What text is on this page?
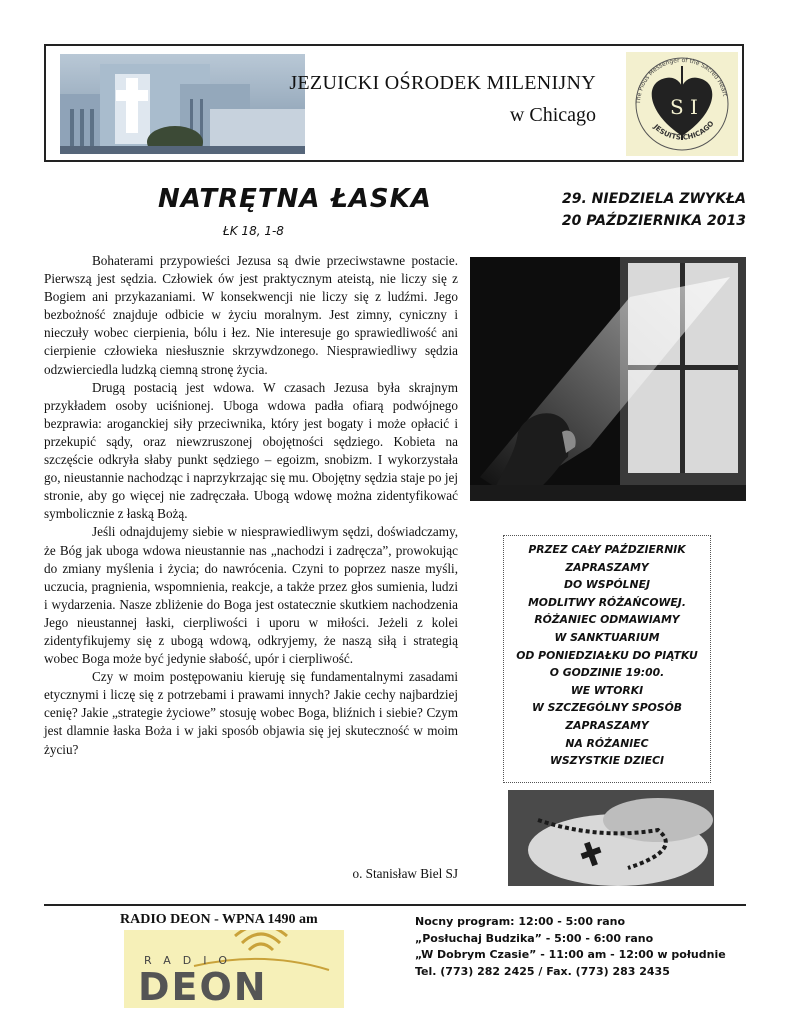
JEZUICKI OŚRODEK MILENIJNY
w Chicago	S I
The Pious Messenger of the Sacred Heart
JESUITS CHICAGO
NATRĘTNA ŁASKA
ŁK 18, 1-8
29. NIEDZIELA ZWYKŁA
20 PAŹDZIERNIKA 2013

Bohaterami przypowieści Jezusa są dwie przeciwstawne postacie. Pierwszą jest sędzia. Człowiek ów jest praktycznym ateistą, nie liczy się z Bogiem ani przykazaniami. W konsekwencji nie liczy się z ludźmi. Jego bezbożność znajduje odbicie w życiu moralnym. Jest zimny, cyniczny i nieczuły wobec cierpienia, bólu i łez. Nie interesuje go sprawiedliwość ani cierpienie człowieka niesłusznie skrzywdzonego. Niesprawiedliwy sędzia odzwierciedla ludzką ciemną stronę życia.

Drugą postacią jest wdowa. W czasach Jezusa była skrajnym przykładem osoby uciśnionej. Uboga wdowa padła ofiarą podwójnego bezprawia: aroganckiej siły przeciwnika, który jest bogaty i może opłacić i przekupić sądy, oraz niewzruszonej obojętności sędziego. Kobieta na szczęście odkryła słaby punkt sędziego – egoizm, snobizm. I wykorzystała go, nieustannie nachodząc i naprzykrzając się mu. Obojętny sędzia staje po jej stronie, aby go więcej nie zadręczała. Ubogą wdowę można zidentyfikować symbolicznie z łaską Bożą.

Jeśli odnajdujemy siebie w niesprawiedliwym sędzi, doświadczamy, że Bóg jak uboga wdowa nieustannie nas „nachodzi i zadręcza”, prowokując do zmiany myślenia i życia; do nawrócenia. Czyni to poprzez nasze myśli, uczucia, pragnienia, wspomnienia, reakcje, a także przez głos sumienia, ludzi i wydarzenia. Nasze zbliżenie do Boga jest ostatecznie skutkiem nachodzenia Jego nieustannej łaski, cierpliwości i uporu w miłości. Jeżeli z kolei zidentyfikujemy się z ubogą wdową, odkryjemy, że naszą siłą i strategią wobec Boga może być jedynie słabość, upór i cierpliwość.

Czy w moim postępowaniu kieruję się fundamentalnymi zasadami etycznymi i liczę się z potrzebami i prawami innych? Jakie cechy najbardziej cenię? Jakie „strategie życiowe” stosuję wobec Boga, bliźnich i siebie? Czym jest dlamnie łaska Boża i w jaki sposób objawia się jej skuteczność w moim życiu?

o. Stanisław Biel SJ
PRZEZ CAŁY PAŹDZIERNIK
ZAPRASZAMY
DO WSPÓLNEJ
MODLITWY RÓŻAŃCOWEJ.
RÓŻANIEC ODMAWIAMY
W SANKTUARIUM
OD PONIEDZIAŁKU DO PIĄTKU
O GODZINIE 19:00.
WE WTORKI
W SZCZEGÓLNY SPOSÓB
ZAPRASZAMY
NA RÓŻANIEC
WSZYSTKIE DZIECI
RADIO DEON - WPNA 1490 am
RADIO
DEON
Nocny program: 12:00 - 5:00 rano
„Posłuchaj Budzika” - 5:00 - 6:00 rano
„W Dobrym Czasie” - 11:00 am - 12:00 w południe
Tel. (773) 282 2425 / Fax. (773) 283 2435
